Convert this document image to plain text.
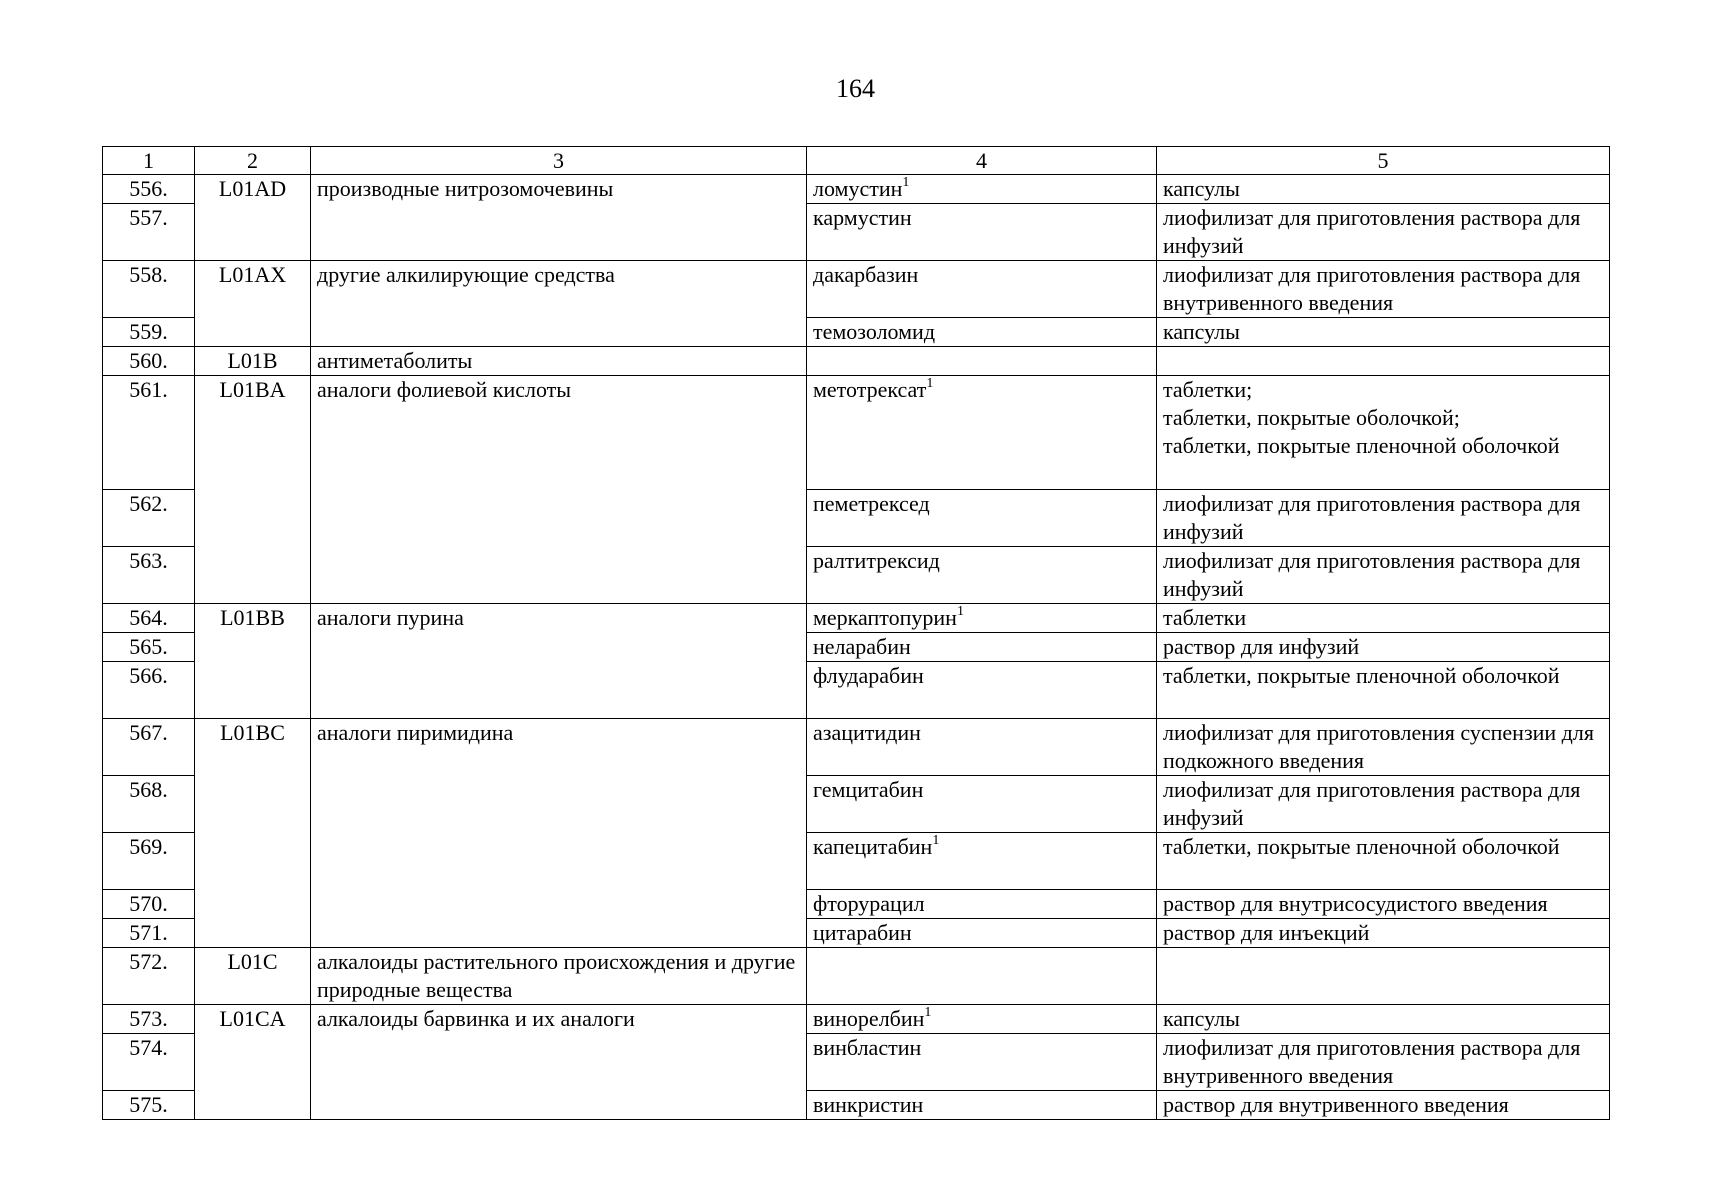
164
1	2	3	4	5
556.	L01AD	производные нитрозомочевины	ломустин$^1$	капсулы
557.			кармустин	лиофилизат для приготовления раствора для инфузий
558.	L01AX	другие алкилирующие средства	дакарбазин	лиофилизат для приготовления раствора для внутривенного введения
559.			темозоломид	капсулы
560.	L01B	антиметаболиты		
561.	L01BA	аналоги фолиевой кислоты	метотрексат$^1$	таблетки;
таблетки, покрытые оболочкой;
таблетки, покрытые пленочной оболочкой
562.			пеметрексед	лиофилизат для приготовления раствора для инфузий
563.			ралтитрексид	лиофилизат для приготовления раствора для инфузий
564.	L01BB	аналоги пурина	меркаптопурин$^1$	таблетки
565.			неларабин	раствор для инфузий
566.			флударабин	таблетки, покрытые пленочной оболочкой
567.	L01BC	аналоги пиримидина	азацитидин	лиофилизат для приготовления суспензии для подкожного введения
568.			гемцитабин	лиофилизат для приготовления раствора для инфузий
569.			капецитабин$^1$	таблетки, покрытые пленочной оболочкой
570.			фторурацил	раствор для внутрисосудистого введения
571.			цитарабин	раствор для инъекций
572.	L01C	алкалоиды растительного происхождения и другие природные вещества		
573.	L01CA	алкалоиды барвинка и их аналоги	винорелбин$^1$	капсулы
574.			винбластин	лиофилизат для приготовления раствора для внутривенного введения
575.			винкристин	раствор для внутривенного введения
